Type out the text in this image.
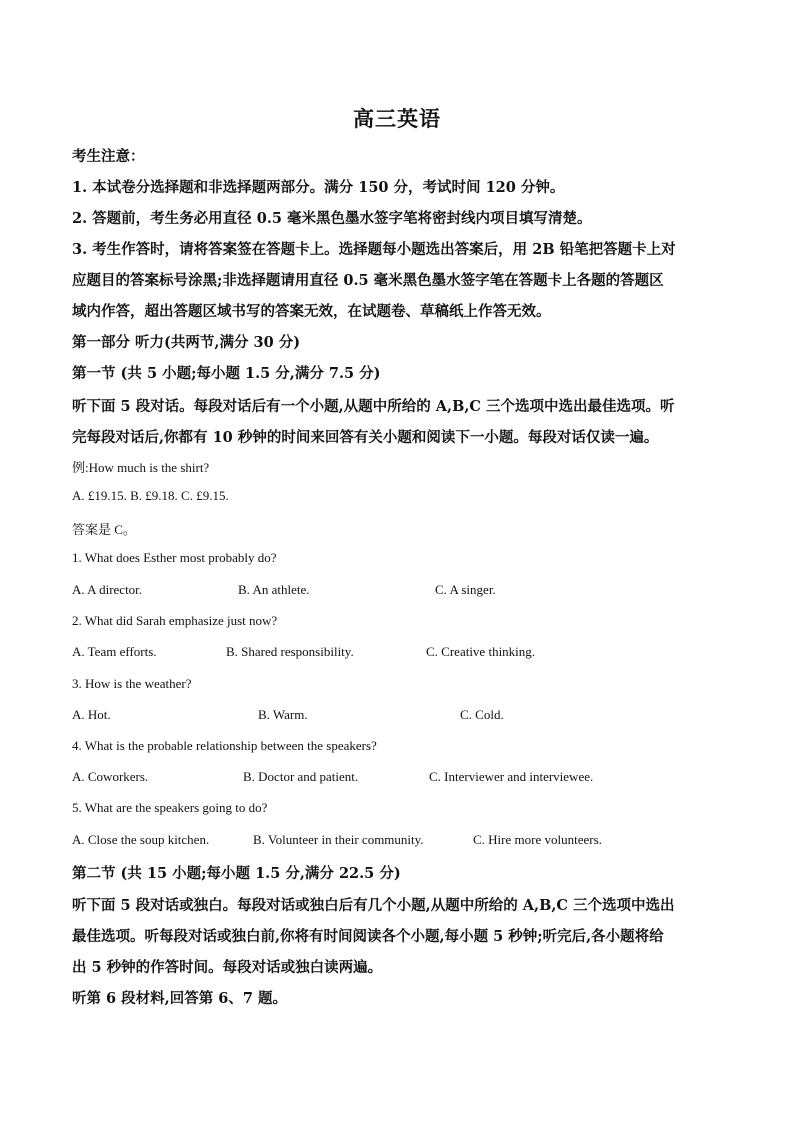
高三英语
考生注意：
1. 本试卷分选择题和非选择题两部分。满分 150 分，考试时间 120 分钟。
2. 答题前，考生务必用直径 0.5 毫米黑色墨水签字笔将密封线内项目填写清楚。
3. 考生作答时，请将答案签在答题卡上。选择题每小题选出答案后，用 2B 铅笔把答题卡上对
应题目的答案标号涂黑;非选择题请用直径 0.5 毫米黑色墨水签字笔在答题卡上各题的答题区
域内作答，超出答题区域书写的答案无效，在试题卷、草稿纸上作答无效。
第一部分 听力(共两节,满分 30 分)
第一节 (共 5 小题;每小题 1.5 分,满分 7.5 分)
听下面 5 段对话。每段对话后有一个小题,从题中所给的 A,B,C 三个选项中选出最佳选项。听
完每段对话后,你都有 10 秒钟的时间来回答有关小题和阅读下一小题。每段对话仅读一遍。
例:How much is the shirt?
A. £19.15. B. £9.18. C. £9.15.
答案是 C。
1. What does Esther most probably do?
A. A director.	B. An athlete.	C. A singer.
2. What did Sarah emphasize just now?
A. Team efforts.	B. Shared responsibility.	C. Creative thinking.
3. How is the weather?
A. Hot.	B. Warm.	C. Cold.
4. What is the probable relationship between the speakers?
A. Coworkers.	B. Doctor and patient.	C. Interviewer and interviewee.
5. What are the speakers going to do?
A. Close the soup kitchen.	B. Volunteer in their community.	C. Hire more volunteers.
第二节 (共 15 小题;每小题 1.5 分,满分 22.5 分)
听下面 5 段对话或独白。每段对话或独白后有几个小题,从题中所给的 A,B,C 三个选项中选出
最佳选项。听每段对话或独白前,你将有时间阅读各个小题,每小题 5 秒钟;听完后,各小题将给
出 5 秒钟的作答时间。每段对话或独白读两遍。
听第 6 段材料,回答第 6、7 题。
